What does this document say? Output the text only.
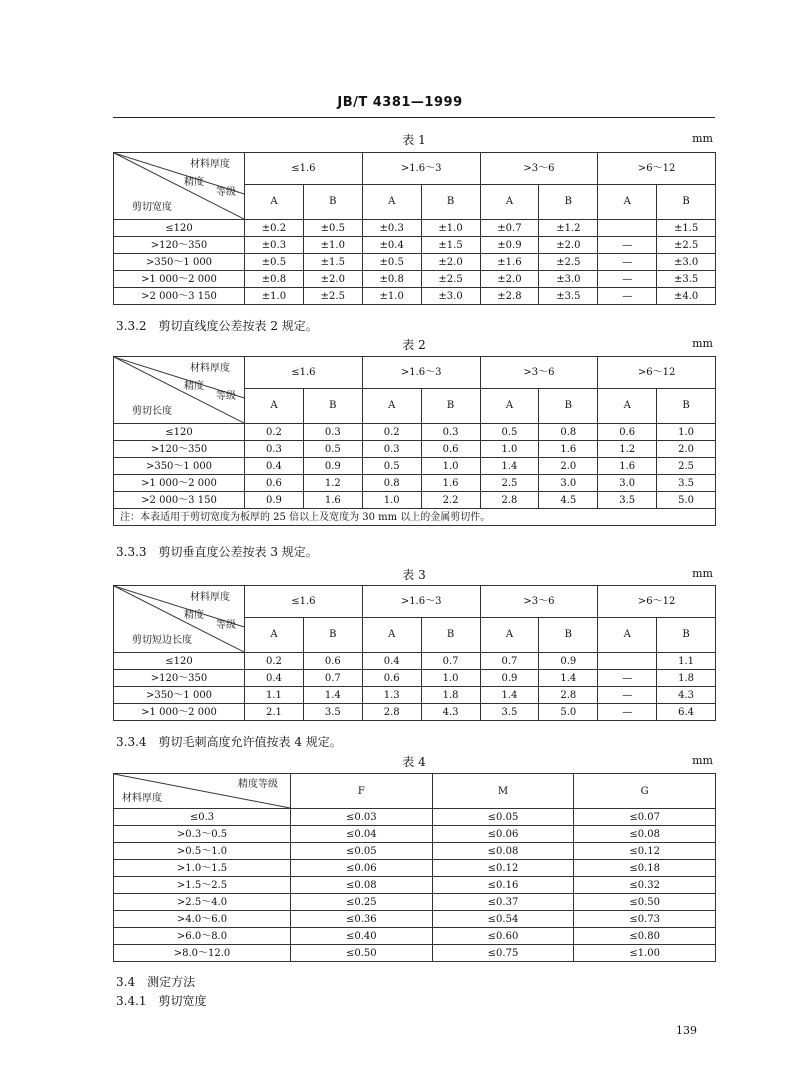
JB/T 4381—1999
表 1	mm
材料厚度
精度
等级
剪切宽度	≤1.6		>1.6～3		>3～6		>6～12	
	A	B	A	B	A	B	A	B
≤120	±0.2	±0.5	±0.3	±1.0	±0.7	±1.2		±1.5
>120～350	±0.3	±1.0	±0.4	±1.5	±0.9	±2.0	—	±2.5
>350～1 000	±0.5	±1.5	±0.5	±2.0	±1.6	±2.5	—	±3.0
>1 000～2 000	±0.8	±2.0	±0.8	±2.5	±2.0	±3.0	—	±3.5
>2 000～3 150	±1.0	±2.5	±1.0	±3.0	±2.8	±3.5	—	±4.0
3.3.2　剪切直线度公差按表 2 规定。
表 2	mm
材料厚度
精度
等级
剪切长度	≤1.6		>1.6～3		>3～6		>6～12	
	A	B	A	B	A	B	A	B
≤120	0.2	0.3	0.2	0.3	0.5	0.8	0.6	1.0
>120～350	0.3	0.5	0.3	0.6	1.0	1.6	1.2	2.0
>350～1 000	0.4	0.9	0.5	1.0	1.4	2.0	1.6	2.5
>1 000～2 000	0.6	1.2	0.8	1.6	2.5	3.0	3.0	3.5
>2 000～3 150	0.9	1.6	1.0	2.2	2.8	4.5	3.5	5.0
注：本表适用于剪切宽度为板厚的 25 倍以上及宽度为 30 mm 以上的金属剪切件。								
3.3.3　剪切垂直度公差按表 3 规定。
表 3	mm
材料厚度
精度
等级
剪切短边长度	≤1.6		>1.6～3		>3～6		>6～12	
	A	B	A	B	A	B	A	B
≤120	0.2	0.6	0.4	0.7	0.7	0.9		1.1
>120～350	0.4	0.7	0.6	1.0	0.9	1.4	—	1.8
>350～1 000	1.1	1.4	1.3	1.8	1.4	2.8	—	4.3
>1 000～2 000	2.1	3.5	2.8	4.3	3.5	5.0	—	6.4
3.3.4　剪切毛刺高度允许值按表 4 规定。
表 4	mm
精度等级
材料厚度	F	M	G
≤0.3	≤0.03	≤0.05	≤0.07
>0.3～0.5	≤0.04	≤0.06	≤0.08
>0.5～1.0	≤0.05	≤0.08	≤0.12
>1.0～1.5	≤0.06	≤0.12	≤0.18
>1.5～2.5	≤0.08	≤0.16	≤0.32
>2.5～4.0	≤0.25	≤0.37	≤0.50
>4.0～6.0	≤0.36	≤0.54	≤0.73
>6.0～8.0	≤0.40	≤0.60	≤0.80
>8.0～12.0	≤0.50	≤0.75	≤1.00
3.4　测定方法
3.4.1　剪切宽度
139
